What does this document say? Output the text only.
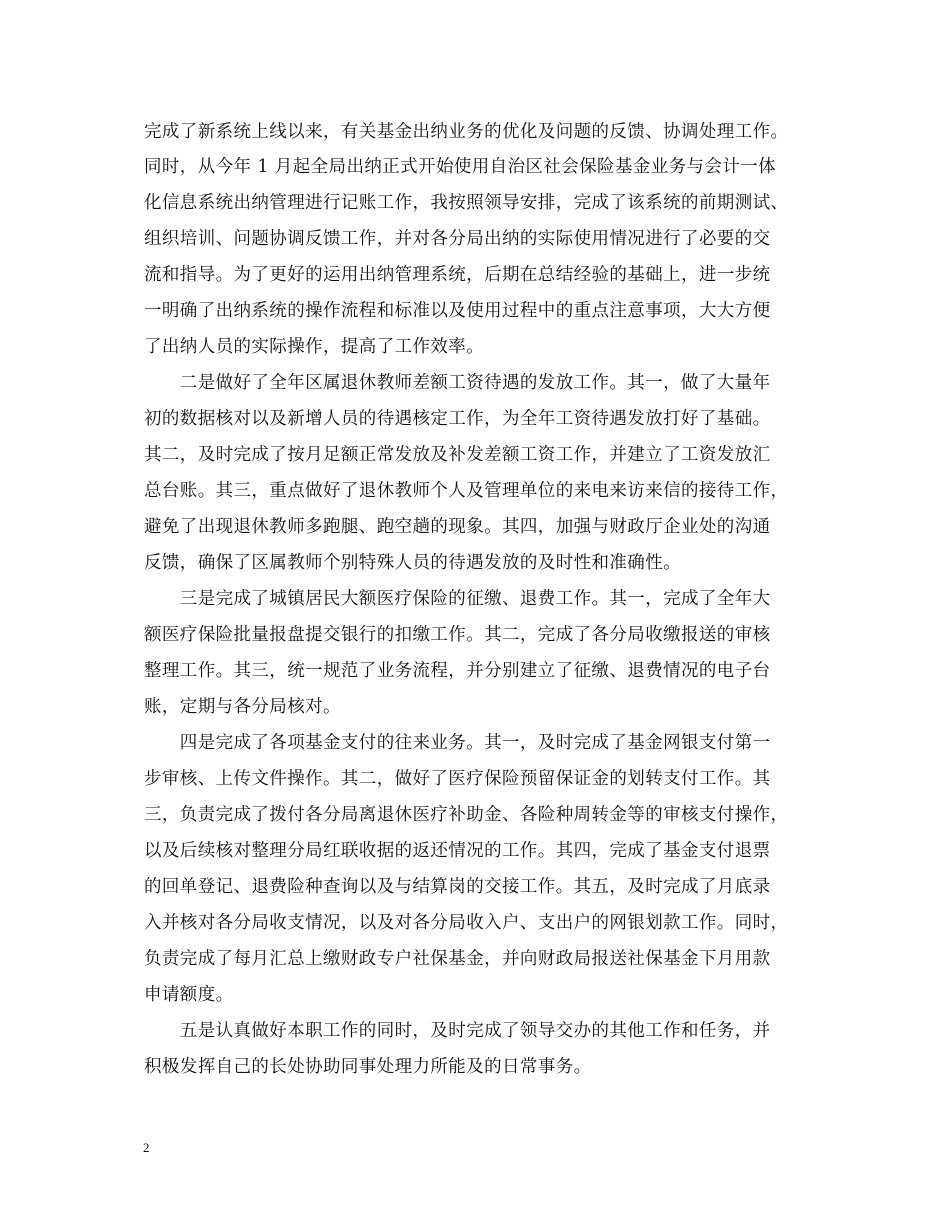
完成了新系统上线以来，有关基金出纳业务的优化及问题的反馈、协调处理工作。
同时，从今年 1 月起全局出纳正式开始使用自治区社会保险基金业务与会计一体
化信息系统出纳管理进行记账工作，我按照领导安排，完成了该系统的前期测试、
组织培训、问题协调反馈工作，并对各分局出纳的实际使用情况进行了必要的交
流和指导。为了更好的运用出纳管理系统，后期在总结经验的基础上，进一步统
一明确了出纳系统的操作流程和标准以及使用过程中的重点注意事项，大大方便
了出纳人员的实际操作，提高了工作效率。
　　二是做好了全年区属退休教师差额工资待遇的发放工作。其一，做了大量年
初的数据核对以及新增人员的待遇核定工作，为全年工资待遇发放打好了基础。
其二，及时完成了按月足额正常发放及补发差额工资工作，并建立了工资发放汇
总台账。其三，重点做好了退休教师个人及管理单位的来电来访来信的接待工作，
避免了出现退休教师多跑腿、跑空趟的现象。其四，加强与财政厅企业处的沟通
反馈，确保了区属教师个别特殊人员的待遇发放的及时性和准确性。
　　三是完成了城镇居民大额医疗保险的征缴、退费工作。其一，完成了全年大
额医疗保险批量报盘提交银行的扣缴工作。其二，完成了各分局收缴报送的审核
整理工作。其三，统一规范了业务流程，并分别建立了征缴、退费情况的电子台
账，定期与各分局核对。
　　四是完成了各项基金支付的往来业务。其一，及时完成了基金网银支付第一
步审核、上传文件操作。其二，做好了医疗保险预留保证金的划转支付工作。其
三，负责完成了拨付各分局离退休医疗补助金、各险种周转金等的审核支付操作，
以及后续核对整理分局红联收据的返还情况的工作。其四，完成了基金支付退票
的回单登记、退费险种查询以及与结算岗的交接工作。其五，及时完成了月底录
入并核对各分局收支情况，以及对各分局收入户、支出户的网银划款工作。同时，
负责完成了每月汇总上缴财政专户社保基金，并向财政局报送社保基金下月用款
申请额度。
　　五是认真做好本职工作的同时，及时完成了领导交办的其他工作和任务，并
积极发挥自己的长处协助同事处理力所能及的日常事务。
2
